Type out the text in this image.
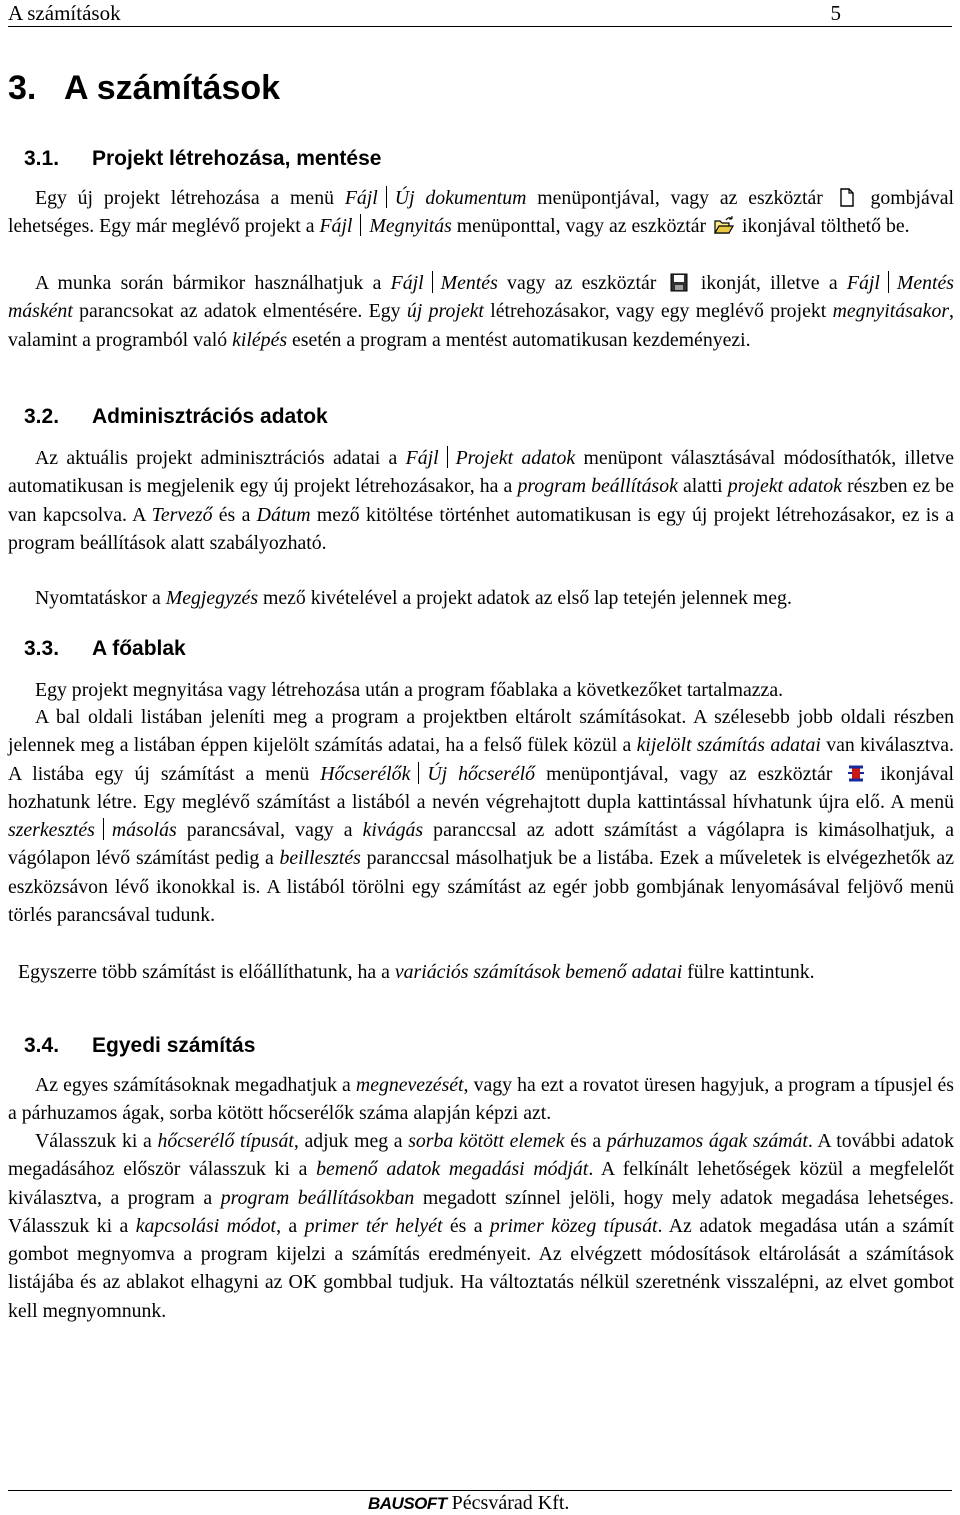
A számítások	5
3. A számítások
3.1. Projekt létrehozása, mentése

Egy új projekt létrehozása a menü Fájl Új dokumentum menüpontjával, vagy az eszköztár  gombjával lehetséges. Egy már meglévő projekt a Fájl Megnyitás menüponttal, vagy az eszköztár  ikonjával tölthető be.

A munka során bármikor használhatjuk a Fájl Mentés vagy az eszköztár  ikonját, illetve a Fájl Mentés másként parancsokat az adatok elmentésére. Egy új projekt létrehozásakor, vagy egy meglévő projekt megnyitásakor, valamint a programból való kilépés esetén a program a mentést automatikusan kezdeményezi.

3.2. Adminisztrációs adatok

Az aktuális projekt adminisztrációs adatai a Fájl Projekt adatok menüpont választásával módosíthatók, illetve automatikusan is megjelenik egy új projekt létrehozásakor, ha a program beállítások alatti projekt adatok részben ez be van kapcsolva. A Tervező és a Dátum mező kitöltése történhet automatikusan is egy új projekt létrehozásakor, ez is a program beállítások alatt szabályozható.

Nyomtatáskor a Megjegyzés mező kivételével a projekt adatok az első lap tetején jelennek meg.

3.3. A főablak

Egy projekt megnyitása vagy létrehozása után a program főablaka a következőket tartalmazza.

A bal oldali listában jeleníti meg a program a projektben eltárolt számításokat. A szélesebb jobb oldali részben jelennek meg a listában éppen kijelölt számítás adatai, ha a felső fülek közül a kijelölt számítás adatai van kiválasztva. A listába egy új számítást a menü Hőcserélők Új hőcserélő menüpontjával, vagy az eszköztár  ikonjával hozhatunk létre. Egy meglévő számítást a listából a nevén végrehajtott dupla kattintással hívhatunk újra elő. A menü szerkesztés másolás parancsával, vagy a kivágás paranccsal az adott számítást a vágólapra is kimásolhatjuk, a vágólapon lévő számítást pedig a beillesztés paranccsal másolhatjuk be a listába. Ezek a műveletek is elvégezhetők az eszközsávon lévő ikonokkal is. A listából törölni egy számítást az egér jobb gombjának lenyomásával feljövő menü törlés parancsával tudunk.

Egyszerre több számítást is előállíthatunk, ha a variációs számítások bemenő adatai fülre kattintunk.

3.4. Egyedi számítás

Az egyes számításoknak megadhatjuk a megnevezését, vagy ha ezt a rovatot üresen hagyjuk, a program a típusjel és a párhuzamos ágak, sorba kötött hőcserélők száma alapján képzi azt.

Válasszuk ki a hőcserélő típusát, adjuk meg a sorba kötött elemek és a párhuzamos ágak számát. A további adatok megadásához először válasszuk ki a bemenő adatok megadási módját. A felkínált lehetőségek közül a megfelelőt kiválasztva, a program a program beállításokban megadott színnel jelöli, hogy mely adatok megadása lehetséges. Válasszuk ki a kapcsolási módot, a primer tér helyét és a primer közeg típusát. Az adatok megadása után a számít gombot megnyomva a program kijelzi a számítás eredményeit. Az elvégzett módosítások eltárolását a számítások listájába és az ablakot elhagyni az OK gombbal tudjuk. Ha változtatás nélkül szeretnénk visszalépni, az elvet gombot kell megnyomnunk.

BAUSOFT Pécsvárad Kft.
